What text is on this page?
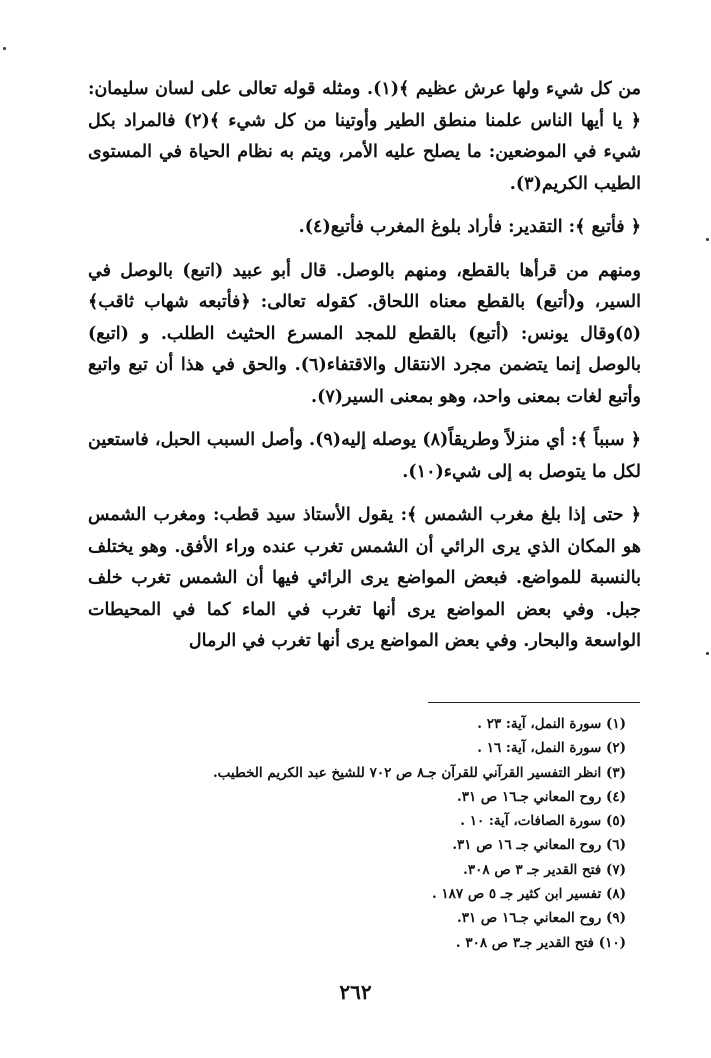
من كل شيء ولها عرش عظيم ﴾(١). ومثله قوله تعالى على لسان سليمان: ﴿ يا أيها الناس علمنا منطق الطير وأوتينا من كل شيء ﴾(٢) فالمراد بكل شيء في الموضعين: ما يصلح عليه الأمر، ويتم به نظام الحياة في المستوى الطيب الكريم(٣).

﴿ فأتبع ﴾: التقدير: فأراد بلوغ المغرب فأتبع(٤).

ومنهم من قرأها بالقطع، ومنهم بالوصل. قال أبو عبيد (اتبع) بالوصل في السير، و(أتبع) بالقطع معناه اللحاق. كقوله تعالى: ﴿فأتبعه شهاب ثاقب﴾(٥)وقال يونس: (أتبع) بالقطع للمجد المسرع الحثيث الطلب. و (اتبع) بالوصل إنما يتضمن مجرد الانتقال والاقتفاء(٦). والحق في هذا أن تبع واتبع وأتبع لغات بمعنى واحد، وهو بمعنى السير(٧).

﴿ سبباً ﴾: أي منزلاً وطريقاً(٨) يوصله إليه(٩). وأصل السبب الحبل، فاستعين لكل ما يتوصل به إلى شيء(١٠).

﴿ حتى إذا بلغ مغرب الشمس ﴾: يقول الأستاذ سيد قطب: ومغرب الشمس هو المكان الذي يرى الرائي أن الشمس تغرب عنده وراء الأفق. وهو يختلف بالنسبة للمواضع. فبعض المواضع يرى الرائي فيها أن الشمس تغرب خلف جبل. وفي بعض المواضع يرى أنها تغرب في الماء كما في المحيطات الواسعة والبحار. وفي بعض المواضع يرى أنها تغرب في الرمال

(١) سورة النمل، آية: ٢٣ .
(٢) سورة النمل، آية: ١٦ .
(٣) انظر التفسير القرآني للقرآن جـ٨ ص ٧٠٢ للشيخ عبد الكريم الخطيب.
(٤) روح المعاني جـ١٦ ص ٣١.
(٥) سورة الصافات، آية: ١٠ .
(٦) روح المعاني جـ ١٦ ص ٣١.
(٧) فتح القدير جـ ٣ ص ٣٠٨.
(٨) تفسير ابن كثير جـ ٥ ص ١٨٧ .
(٩) روح المعاني جـ١٦ ص ٣١.
(١٠) فتح القدير جـ٣ ص ٣٠٨ .
٢٦٢
